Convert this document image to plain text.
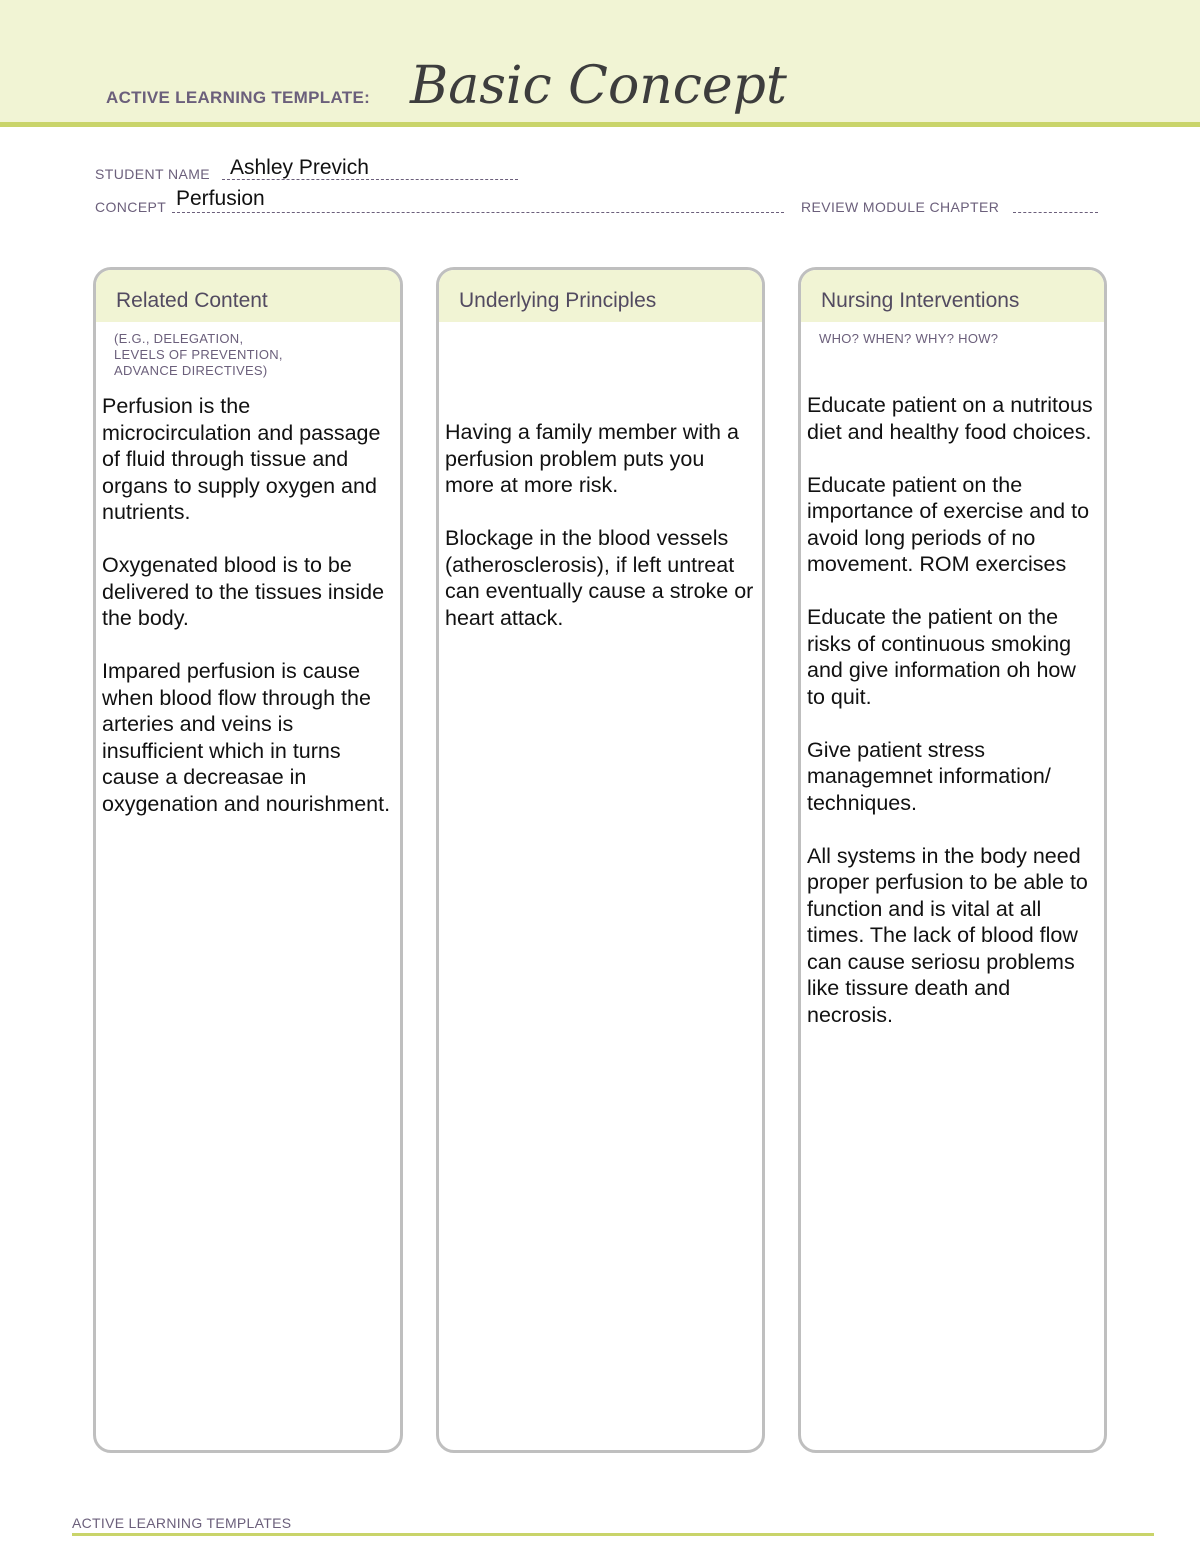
ACTIVE LEARNING TEMPLATE: Basic Concept
STUDENT NAME Ashley Previch
CONCEPT Perfusion	REVIEW MODULE CHAPTER
Related Content
(E.G., DELEGATION,
LEVELS OF PREVENTION,
ADVANCE DIRECTIVES)

Perfusion is the microcirculation and passage of fluid through tissue and organs to supply oxygen and nutrients.

Oxygenated blood is to be delivered to the tissues inside the body.

Impared perfusion is cause when blood flow through the arteries and veins is insufficient which in turns cause a decreasae in oxygenation and nourishment.

Underlying Principles

Having a family member with a perfusion problem puts you more at more risk.

Blockage in the blood vessels (atherosclerosis), if left untreat can eventually cause a stroke or heart attack.

Nursing Interventions
WHO? WHEN? WHY? HOW?

Educate patient on a nutritous diet and healthy food choices.

Educate patient on the importance of exercise and to avoid long periods of no movement. ROM exercises

Educate the patient on the risks of continuous smoking and give information oh how to quit.

Give patient stress managemnet information/ techniques.

All systems in the body need proper perfusion to be able to function and is vital at all times. The lack of blood flow can cause seriosu problems like tissure death and necrosis.

ACTIVE LEARNING TEMPLATES
